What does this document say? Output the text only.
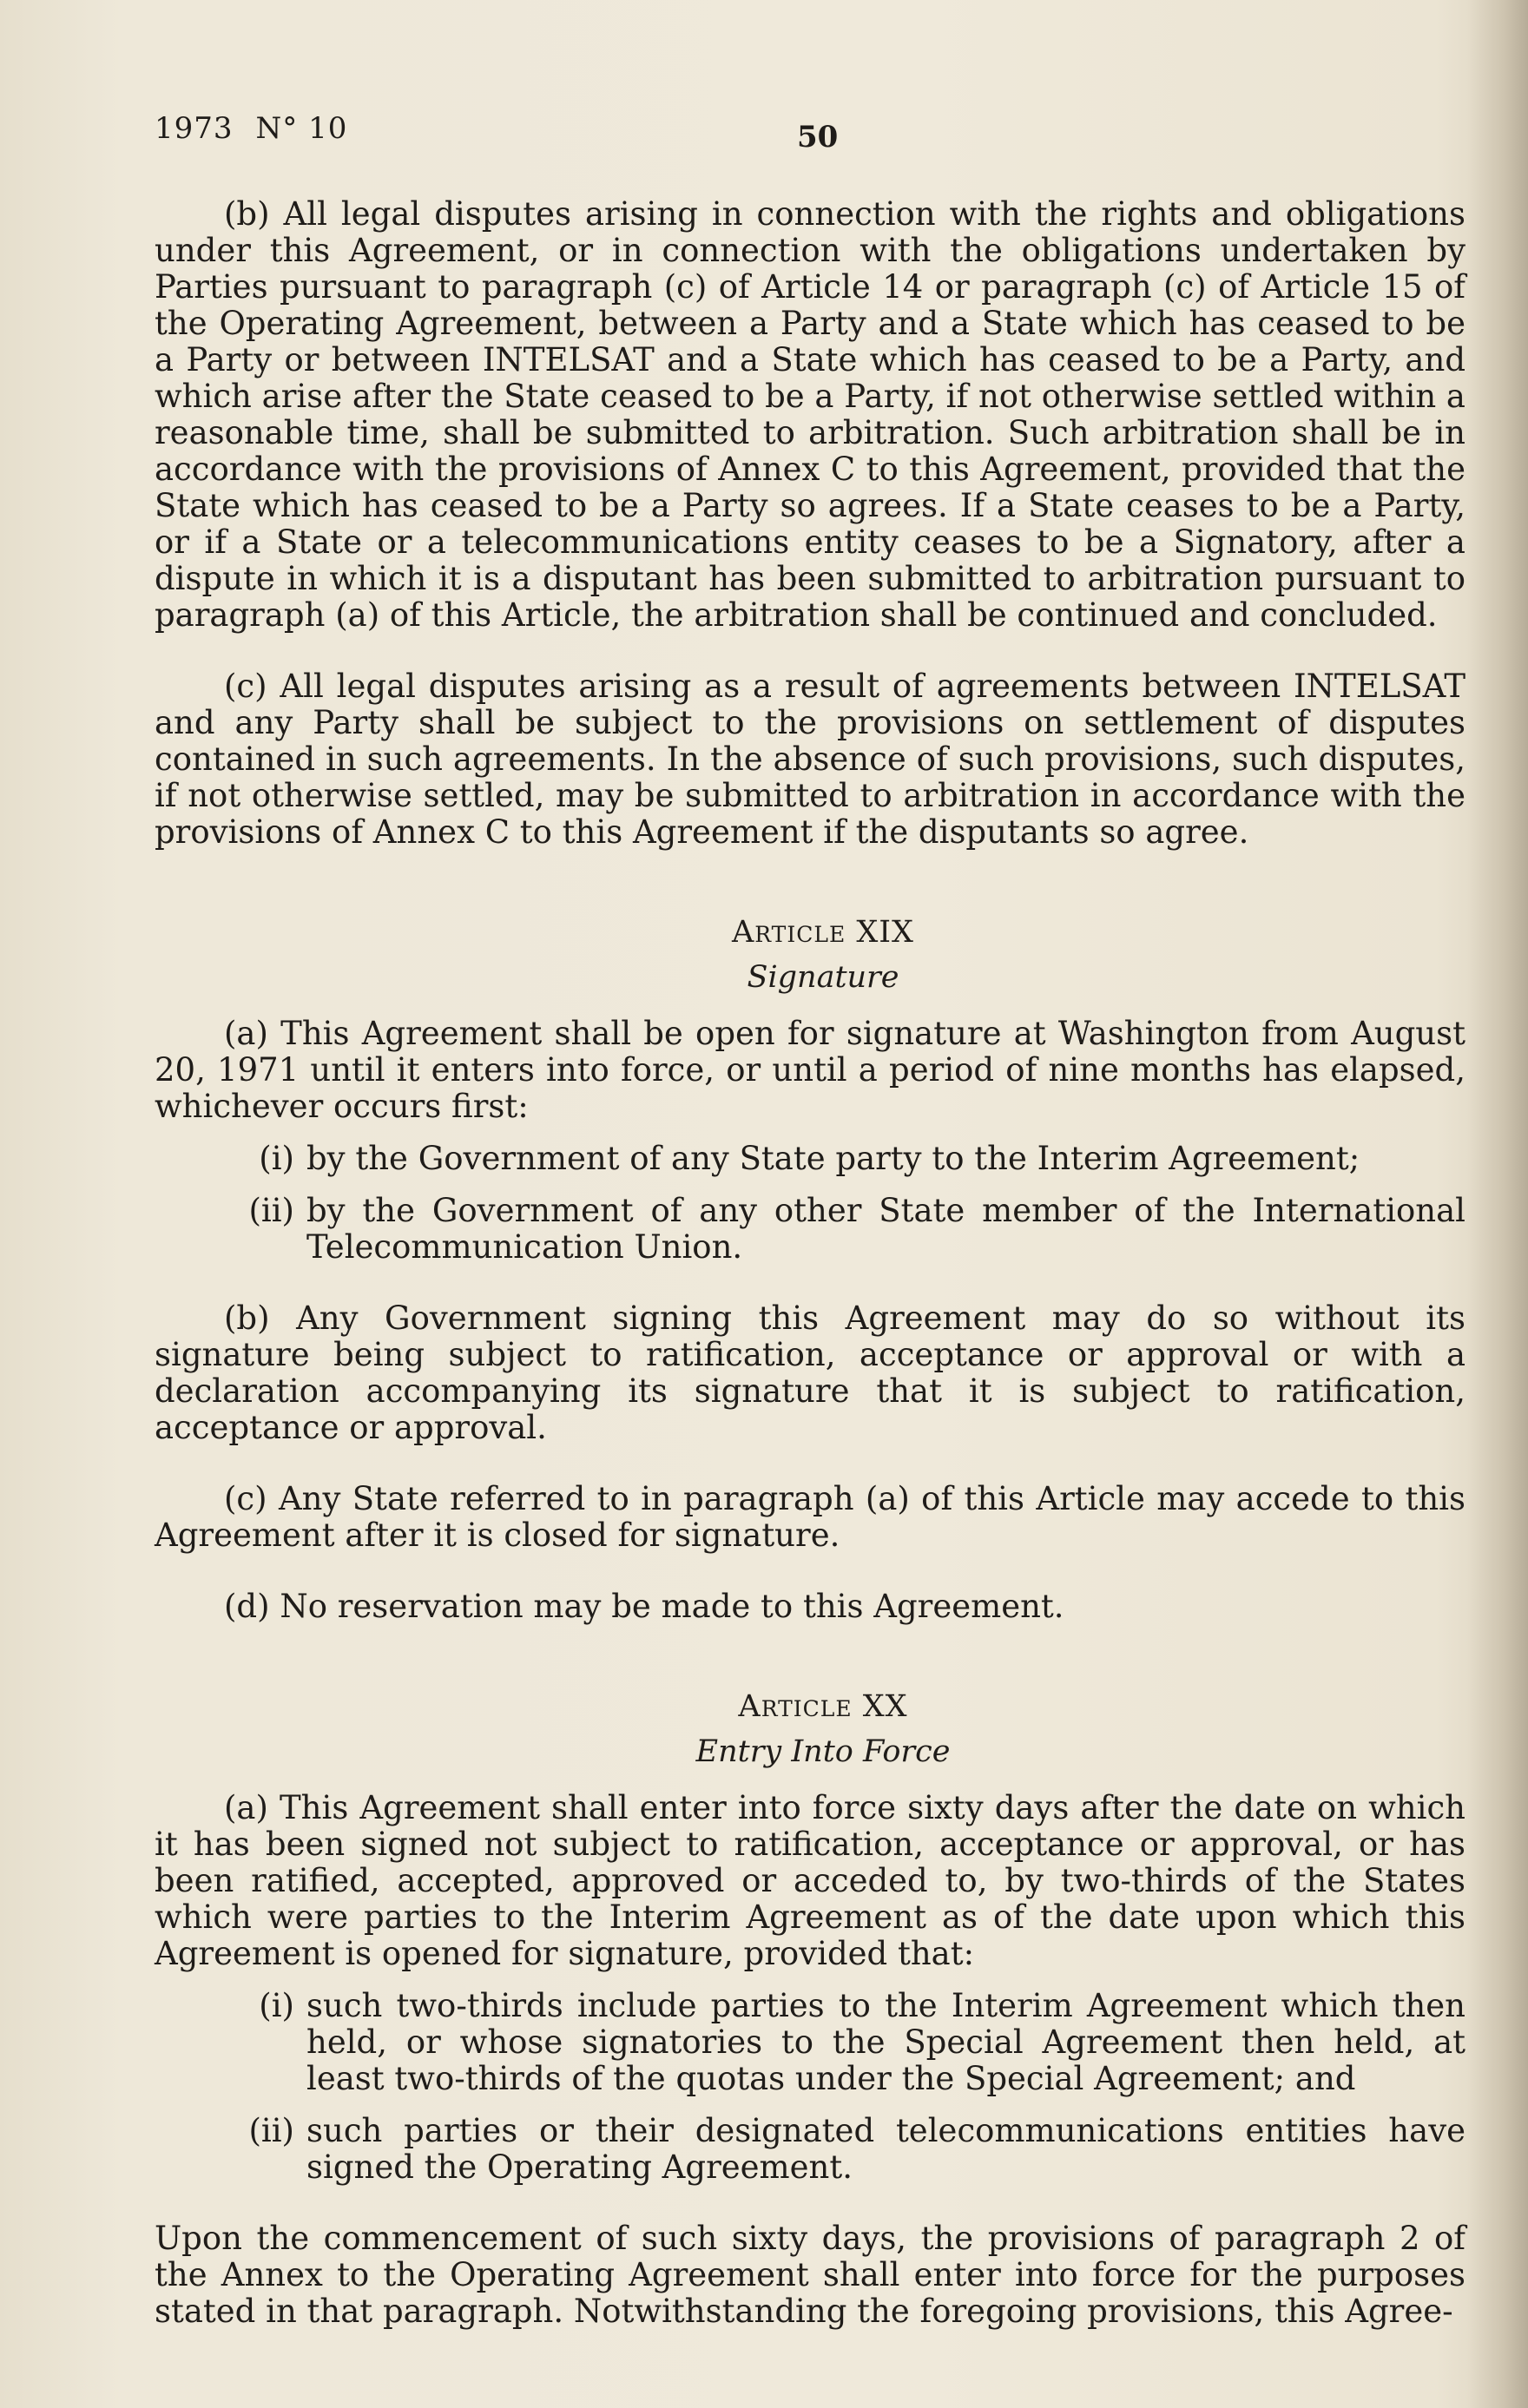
1973 N° 10	50

(b) All legal disputes arising in connection with the rights and obligations under this Agreement, or in connection with the obligations undertaken by Parties pursuant to paragraph (c) of Article 14 or paragraph (c) of Article 15 of the Operating Agreement, between a Party and a State which has ceased to be a Party or between INTELSAT and a State which has ceased to be a Party, and which arise after the State ceased to be a Party, if not otherwise settled within a reasonable time, shall be submitted to arbitration. Such arbitration shall be in accordance with the provisions of Annex C to this Agreement, provided that the State which has ceased to be a Party so agrees. If a State ceases to be a Party, or if a State or a telecommunications entity ceases to be a Signatory, after a dispute in which it is a disputant has been submitted to arbitration pursuant to paragraph (a) of this Article, the arbitration shall be continued and concluded.

(c) All legal disputes arising as a result of agreements between INTELSAT and any Party shall be subject to the provisions on settlement of disputes contained in such agreements. In the absence of such provisions, such disputes, if not otherwise settled, may be submitted to arbitration in accordance with the provisions of Annex C to this Agreement if the disputants so agree.

Article XIX
Signature

(a) This Agreement shall be open for signature at Washington from August 20, 1971 until it enters into force, or until a period of nine months has elapsed, whichever occurs first:

(i) by the Government of any State party to the Interim Agreement;
(ii) by the Government of any other State member of the International Telecommunication Union.

(b) Any Government signing this Agreement may do so without its signature being subject to ratification, acceptance or approval or with a declaration accompanying its signature that it is subject to ratification, acceptance or approval.

(c) Any State referred to in paragraph (a) of this Article may accede to this Agreement after it is closed for signature.

(d) No reservation may be made to this Agreement.

Article XX
Entry Into Force

(a) This Agreement shall enter into force sixty days after the date on which it has been signed not subject to ratification, acceptance or approval, or has been ratified, accepted, approved or acceded to, by two-thirds of the States which were parties to the Interim Agreement as of the date upon which this Agreement is opened for signature, provided that:

(i) such two-thirds include parties to the Interim Agreement which then held, or whose signatories to the Special Agreement then held, at least two-thirds of the quotas under the Special Agreement; and
(ii) such parties or their designated telecommunications entities have signed the Operating Agreement.

Upon the commencement of such sixty days, the provisions of paragraph 2 of the Annex to the Operating Agreement shall enter into force for the purposes stated in that paragraph. Notwithstanding the foregoing provisions, this Agree-
